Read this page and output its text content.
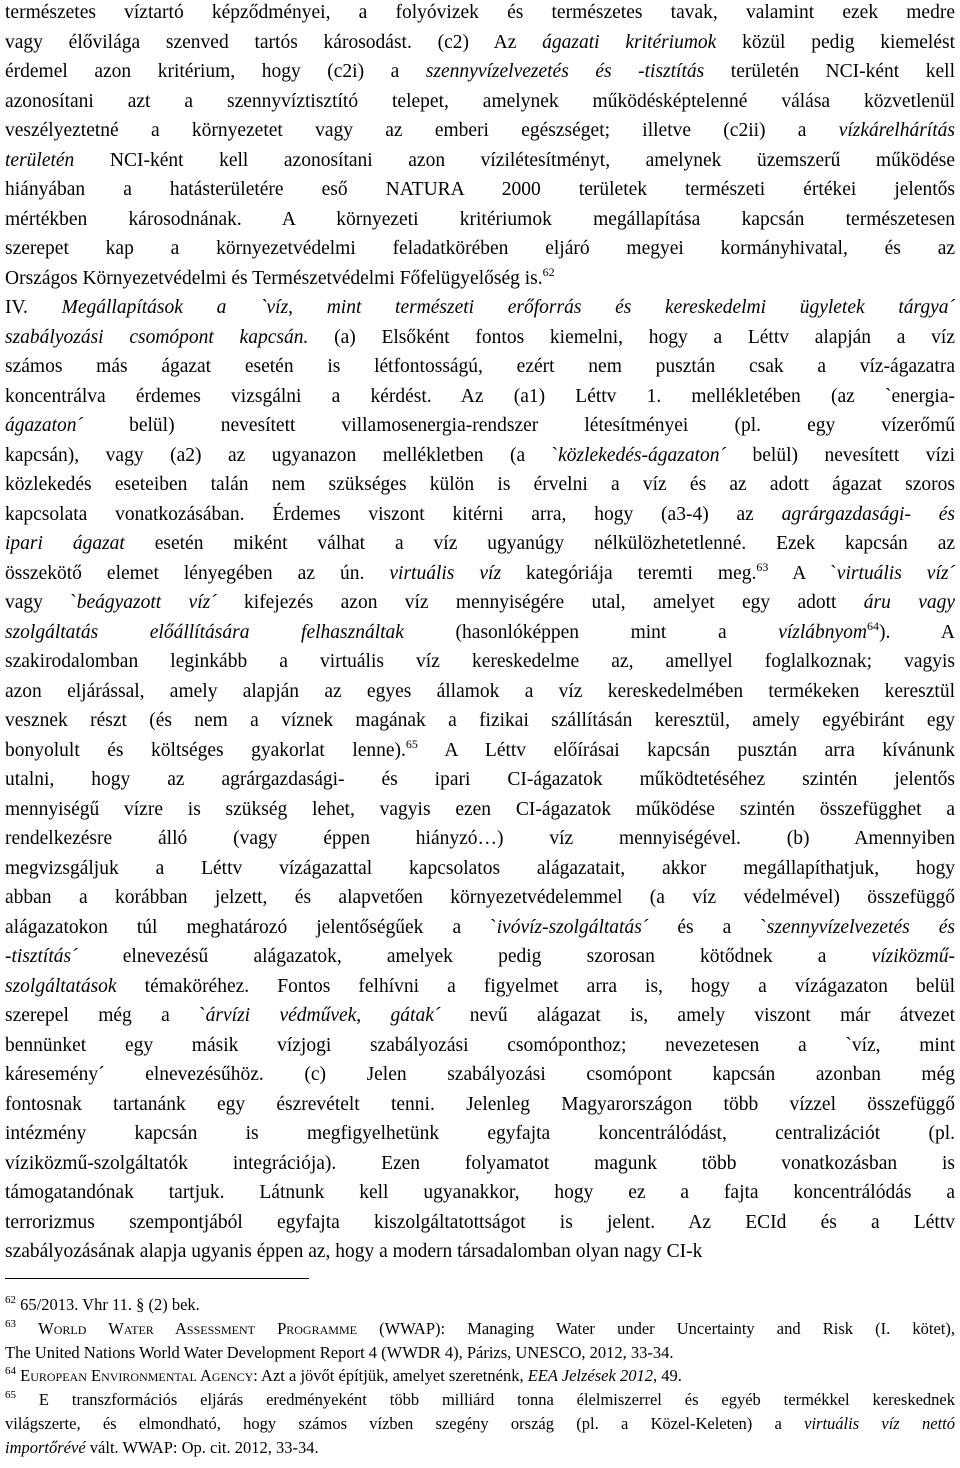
természetes víztartó képződményei, a folyóvizek és természetes tavak, valamint ezek medre
vagy élővilága szenved tartós károsodást. (c2) Az ágazati kritériumok közül pedig kiemelést
érdemel azon kritérium, hogy (c2i) a szennyvízelvezetés és -tisztítás területén NCI-ként kell
azonosítani azt a szennyvíztisztító telepet, amelynek működésképtelenné válása közvetlenül
veszélyeztetné a környezetet vagy az emberi egészséget; illetve (c2ii) a vízkárelhárítás
területén NCI-ként kell azonosítani azon vízilétesítményt, amelynek üzemszerű működése
hiányában a hatásterületére eső NATURA 2000 területek természeti értékei jelentős
mértékben károsodnának. A környezeti kritériumok megállapítása kapcsán természetesen
szerepet kap a környezetvédelmi feladatkörében eljáró megyei kormányhivatal, és az
Országos Környezetvédelmi és Természetvédelmi Főfelügyelőség is.$^{62}$
IV. Megállapítások a `víz, mint természeti erőforrás és kereskedelmi ügyletek tárgya´
szabályozási csomópont kapcsán. (a) Elsőként fontos kiemelni, hogy a Léttv alapján a víz
számos más ágazat esetén is létfontosságú, ezért nem pusztán csak a víz-ágazatra
koncentrálva érdemes vizsgálni a kérdést. Az (a1) Léttv 1. mellékletében (az `energia-
ágazaton´ belül) nevesített villamosenergia-rendszer létesítményei (pl. egy vízerőmű
kapcsán), vagy (a2) az ugyanazon mellékletben (a `közlekedés-ágazaton´ belül) nevesített vízi
közlekedés eseteiben talán nem szükséges külön is érvelni a víz és az adott ágazat szoros
kapcsolata vonatkozásában. Érdemes viszont kitérni arra, hogy (a3-4) az agrárgazdasági- és
ipari ágazat esetén miként válhat a víz ugyanúgy nélkülözhetetlenné. Ezek kapcsán az
összekötő elemet lényegében az ún. virtuális víz kategóriája teremti meg.$^{63}$ A `virtuális víz´
vagy `beágyazott víz´ kifejezés azon víz mennyiségére utal, amelyet egy adott áru vagy
szolgáltatás előállítására felhasználtak (hasonlóképpen mint a vízlábnyom$^{64}$). A
szakirodalomban leginkább a virtuális víz kereskedelme az, amellyel foglalkoznak; vagyis
azon eljárással, amely alapján az egyes államok a víz kereskedelmében termékeken keresztül
vesznek részt (és nem a víznek magának a fizikai szállításán keresztül, amely egyébiránt egy
bonyolult és költséges gyakorlat lenne).$^{65}$ A Léttv előírásai kapcsán pusztán arra kívánunk
utalni, hogy az agrárgazdasági- és ipari CI-ágazatok működtetéséhez szintén jelentős
mennyiségű vízre is szükség lehet, vagyis ezen CI-ágazatok működése szintén összefügghet a
rendelkezésre álló (vagy éppen hiányzó…) víz mennyiségével. (b) Amennyiben
megvizsgáljuk a Léttv vízágazattal kapcsolatos alágazatait, akkor megállapíthatjuk, hogy
abban a korábban jelzett, és alapvetően környezetvédelemmel (a víz védelmével) összefüggő
alágazatokon túl meghatározó jelentőségűek a `ivóvíz-szolgáltatás´ és a `szennyvízelvezetés és
-tisztítás´ elnevezésű alágazatok, amelyek pedig szorosan kötődnek a víziközmű-
szolgáltatások témaköréhez. Fontos felhívni a figyelmet arra is, hogy a vízágazaton belül
szerepel még a `árvízi védművek, gátak´ nevű alágazat is, amely viszont már átvezet
bennünket egy másik vízjogi szabályozási csomóponthoz; nevezetesen a `víz, mint
káresemény´ elnevezésűhöz. (c) Jelen szabályozási csomópont kapcsán azonban még
fontosnak tartanánk egy észrevételt tenni. Jelenleg Magyarországon több vízzel összefüggő
intézmény kapcsán is megfigyelhetünk egyfajta koncentrálódást, centralizációt (pl.
víziközmű-szolgáltatók integrációja). Ezen folyamatot magunk több vonatkozásban is
támogatandónak tartjuk. Látnunk kell ugyanakkor, hogy ez a fajta koncentrálódás a
terrorizmus szempontjából egyfajta kiszolgáltatottságot is jelent. Az ECId és a Léttv
szabályozásának alapja ugyanis éppen az, hogy a modern társadalomban olyan nagy CI-k
$^{62}$ 65/2013. Vhr 11. § (2) bek.
$^{63}$ World Water Assessment Programme (WWAP): Managing Water under Uncertainty and Risk (I. kötet),
The United Nations World Water Development Report 4 (WWDR 4), Párizs, UNESCO, 2012, 33-34.
$^{64}$ European Environmental Agency: Azt a jövőt építjük, amelyet szeretnénk, EEA Jelzések 2012, 49.
$^{65}$ E transzformációs eljárás eredményeként több milliárd tonna élelmiszerrel és egyéb termékkel kereskednek
világszerte, és elmondható, hogy számos vízben szegény ország (pl. a Közel-Keleten) a virtuális víz nettó
importőrévé vált. WWAP: Op. cit. 2012, 33-34.
